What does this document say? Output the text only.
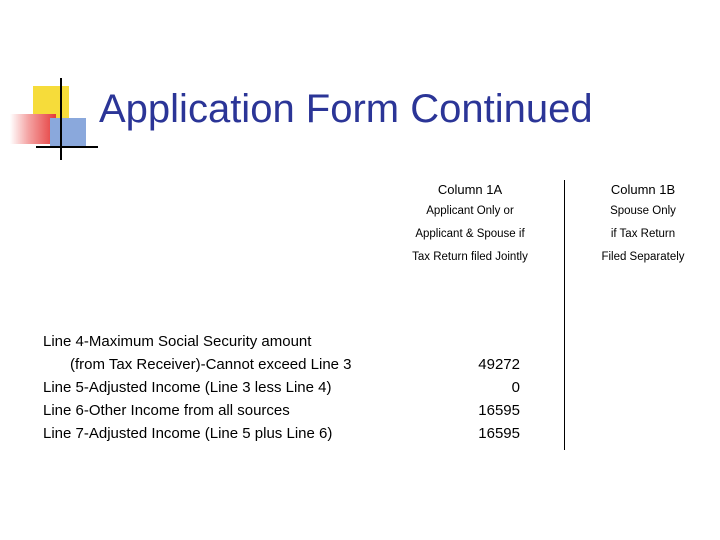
Application Form Continued
Column 1A
Applicant Only or
Applicant & Spouse if
Tax Return filed Jointly
Column 1B
Spouse Only
if Tax Return
Filed Separately
Line 4-Maximum Social Security amount
(from Tax Receiver)-Cannot exceed Line 3
Line 5-Adjusted Income (Line 3 less Line 4)
Line 6-Other Income from all sources
Line 7-Adjusted Income (Line 5 plus Line 6)
49272
0
16595
16595
